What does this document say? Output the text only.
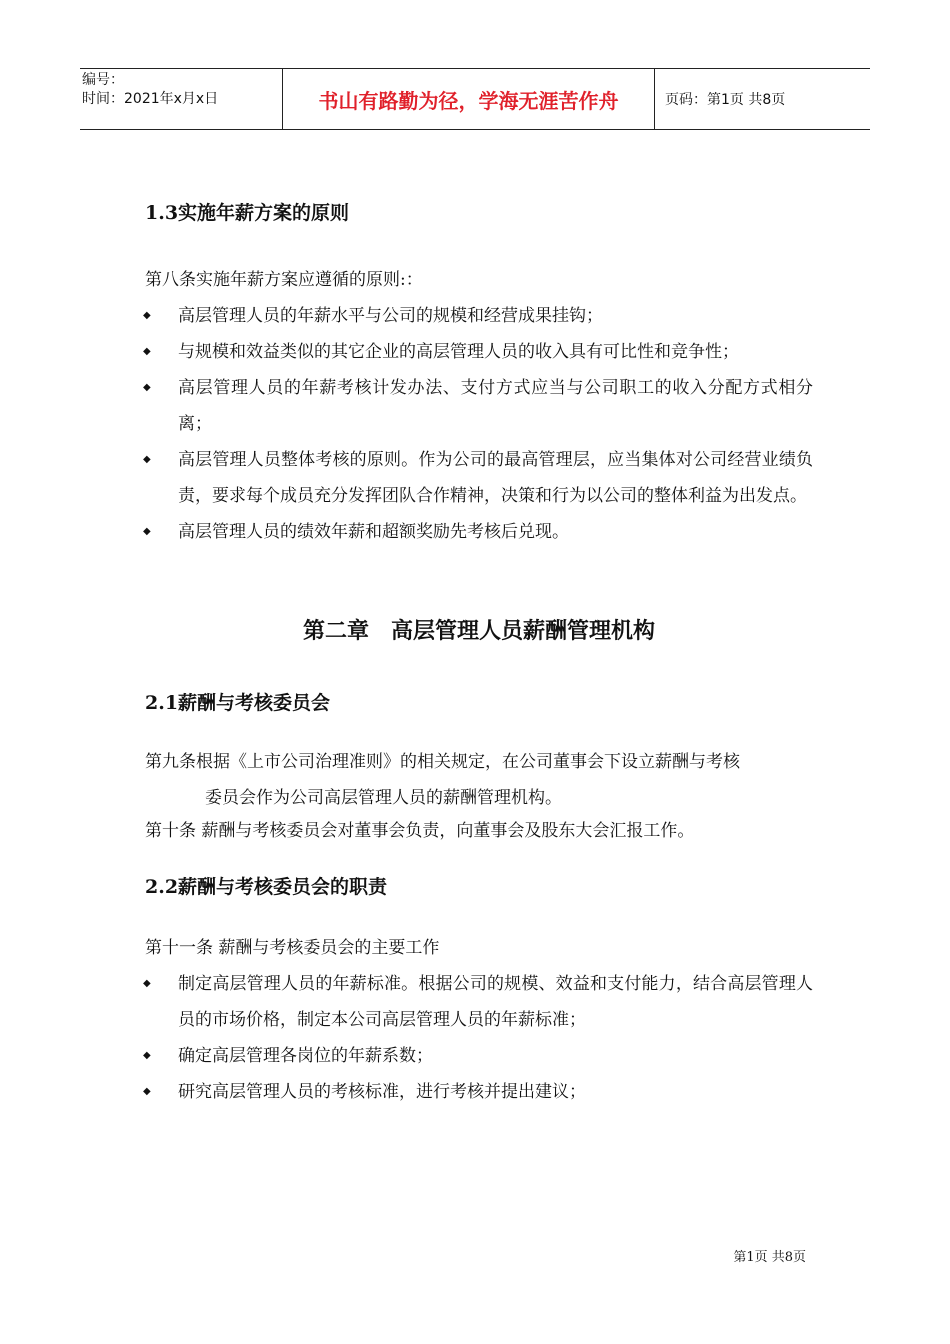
编号：
时间：2021年x月x日	书山有路勤为径，学海无涯苦作舟	页码：第1页 共8页
1.3实施年薪方案的原则

第八条实施年薪方案应遵循的原则:：

◆ 高层管理人员的年薪水平与公司的规模和经营成果挂钩；
◆ 与规模和效益类似的其它企业的高层管理人员的收入具有可比性和竞争性；
◆ 高层管理人员的年薪考核计发办法、支付方式应当与公司职工的收入分配方式相分离；
◆ 高层管理人员整体考核的原则。作为公司的最高管理层，应当集体对公司经营业绩负责，要求每个成员充分发挥团队合作精神，决策和行为以公司的整体利益为出发点。
◆ 高层管理人员的绩效年薪和超额奖励先考核后兑现。
第二章　高层管理人员薪酬管理机构
2.1薪酬与考核委员会

第九条根据《上市公司治理准则》的相关规定，在公司董事会下设立薪酬与考核

委员会作为公司高层管理人员的薪酬管理机构。

第十条 薪酬与考核委员会对董事会负责，向董事会及股东大会汇报工作。

2.2薪酬与考核委员会的职责

第十一条 薪酬与考核委员会的主要工作

◆ 制定高层管理人员的年薪标准。根据公司的规模、效益和支付能力，结合高层管理人员的市场价格，制定本公司高层管理人员的年薪标准；
◆ 确定高层管理各岗位的年薪系数；
◆ 研究高层管理人员的考核标准，进行考核并提出建议；
第1页 共8页
